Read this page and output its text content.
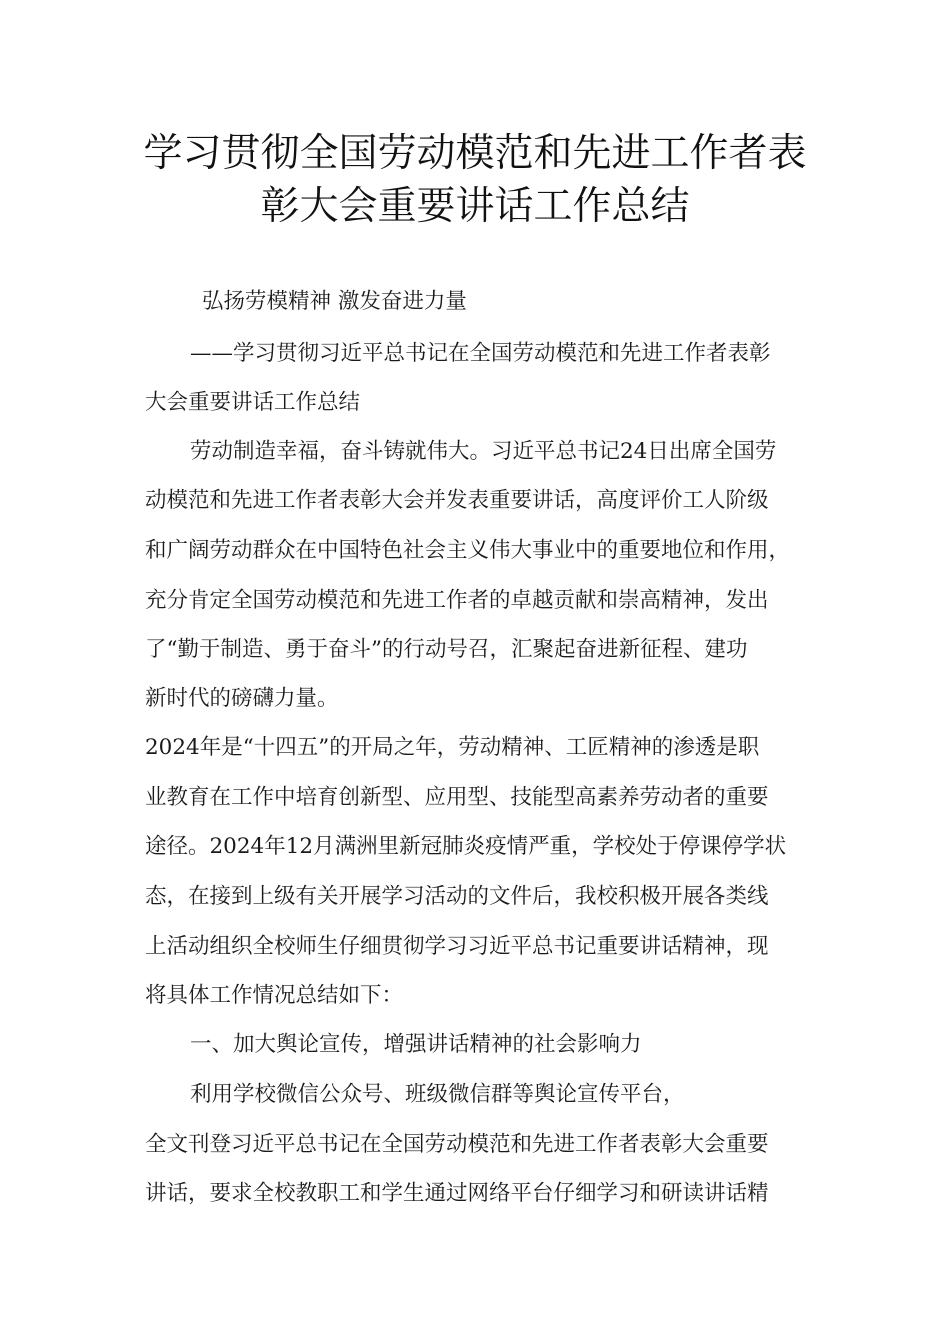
学习贯彻全国劳动模范和先进工作者表
彰大会重要讲话工作总结
弘扬劳模精神 激发奋进力量
——学习贯彻习近平总书记在全国劳动模范和先进工作者表彰
大会重要讲话工作总结
劳动制造幸福，奋斗铸就伟大。习近平总书记24日出席全国劳
动模范和先进工作者表彰大会并发表重要讲话，高度评价工人阶级
和广阔劳动群众在中国特色社会主义伟大事业中的重要地位和作用，
充分肯定全国劳动模范和先进工作者的卓越贡献和崇高精神，发出
了“勤于制造、勇于奋斗”的行动号召，汇聚起奋进新征程、建功
新时代的磅礴力量。
2024年是“十四五”的开局之年，劳动精神、工匠精神的渗透是职
业教育在工作中培育创新型、应用型、技能型高素养劳动者的重要
途径。2024年12月满洲里新冠肺炎疫情严重，学校处于停课停学状
态，在接到上级有关开展学习活动的文件后，我校积极开展各类线
上活动组织全校师生仔细贯彻学习习近平总书记重要讲话精神，现
将具体工作情况总结如下：
一、加大舆论宣传，增强讲话精神的社会影响力
利用学校微信公众号、班级微信群等舆论宣传平台，
全文刊登习近平总书记在全国劳动模范和先进工作者表彰大会重要
讲话，要求全校教职工和学生通过网络平台仔细学习和研读讲话精
